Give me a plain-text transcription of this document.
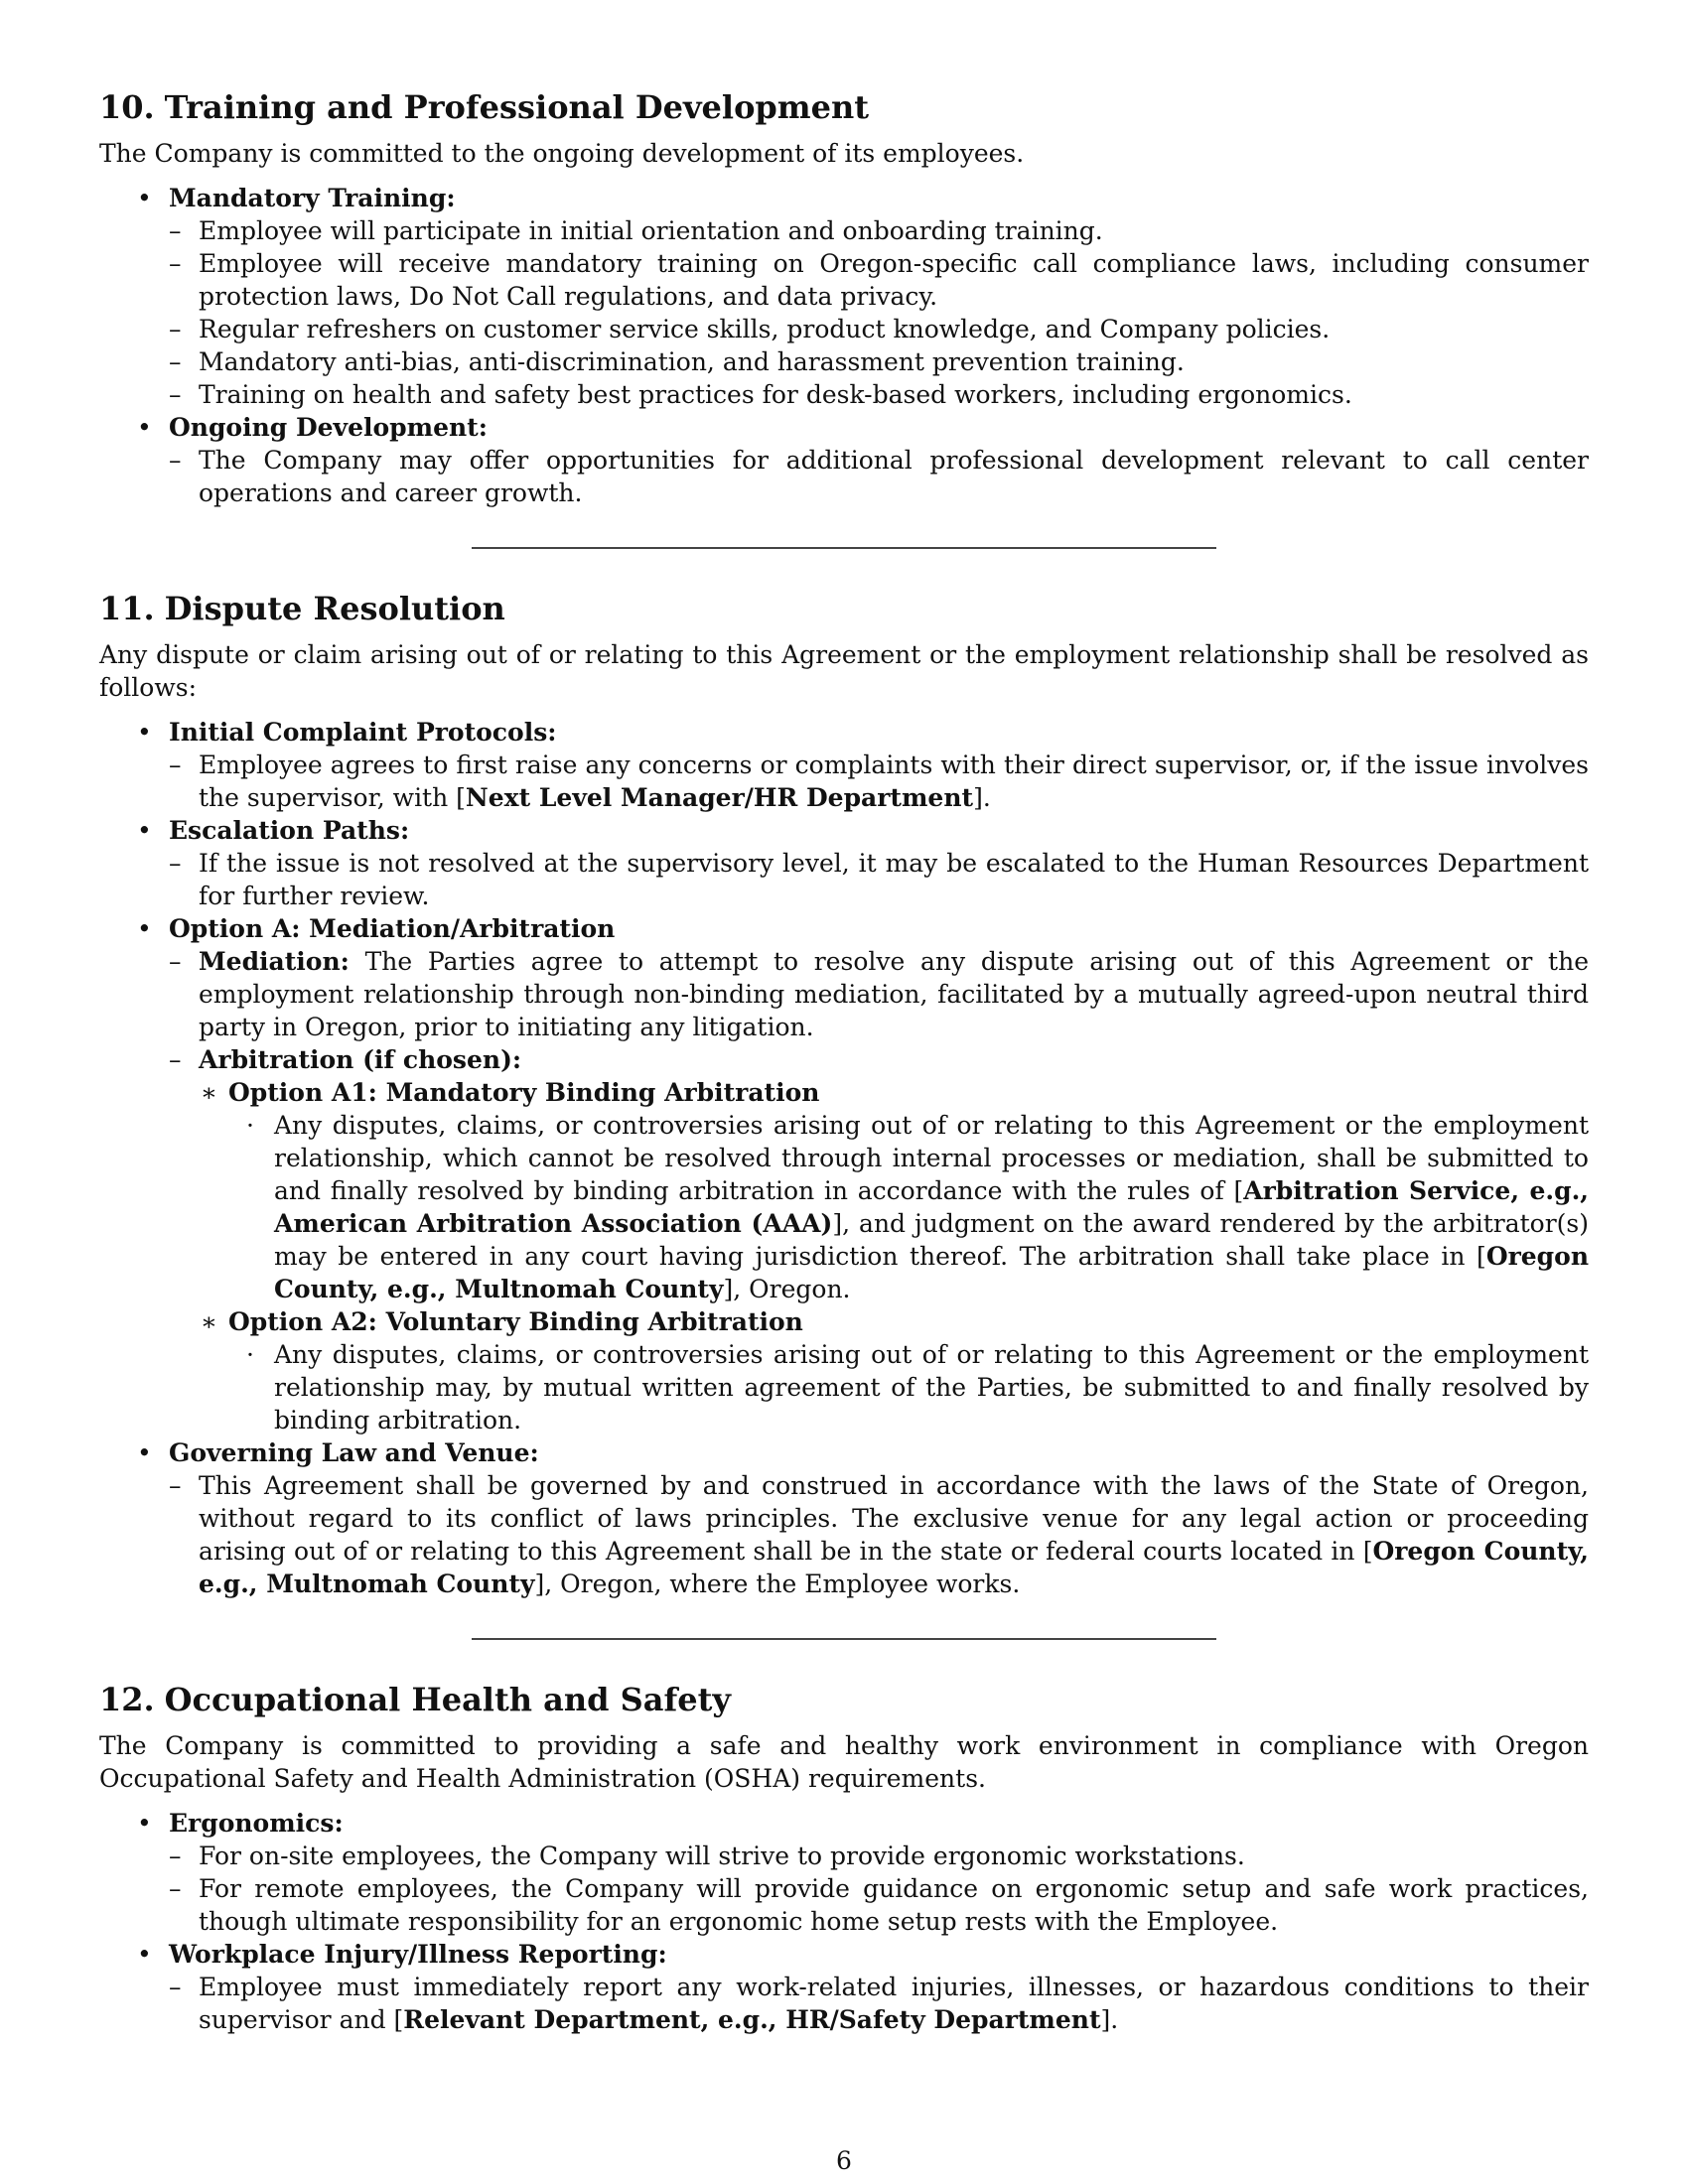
10. Training and Professional Development

The Company is committed to the ongoing development of its employees.

• Mandatory Training:
– Employee will participate in initial orientation and onboarding training.
– Employee will receive mandatory training on Oregon-specific call compliance laws, including consumer protection laws, Do Not Call regulations, and data privacy.
– Regular refreshers on customer service skills, product knowledge, and Company policies.
– Mandatory anti-bias, anti-discrimination, and harassment prevention training.
– Training on health and safety best practices for desk-based workers, including ergonomics.
• Ongoing Development:
– The Company may offer opportunities for additional professional development relevant to call center operations and career growth.
11. Dispute Resolution

Any dispute or claim arising out of or relating to this Agreement or the employment relationship shall be resolved as follows:

• Initial Complaint Protocols:
– Employee agrees to first raise any concerns or complaints with their direct supervisor, or, if the issue involves the supervisor, with [Next Level Manager/HR Department].
• Escalation Paths:
– If the issue is not resolved at the supervisory level, it may be escalated to the Human Resources Department for further review.
• Option A: Mediation/Arbitration
– Mediation: The Parties agree to attempt to resolve any dispute arising out of this Agreement or the employment relationship through non-binding mediation, facilitated by a mutually agreed-upon neutral third party in Oregon, prior to initiating any litigation.
– Arbitration (if chosen):
∗ Option A1: Mandatory Binding Arbitration
· Any disputes, claims, or controversies arising out of or relating to this Agreement or the employment relationship, which cannot be resolved through internal processes or mediation, shall be submitted to and finally resolved by binding arbitration in accordance with the rules of [Arbitration Service, e.g., American Arbitration Association (AAA)], and judgment on the award rendered by the arbitrator(s) may be entered in any court having jurisdiction thereof. The arbitration shall take place in [Oregon County, e.g., Multnomah County], Oregon.
∗ Option A2: Voluntary Binding Arbitration
· Any disputes, claims, or controversies arising out of or relating to this Agreement or the employment relationship may, by mutual written agreement of the Parties, be submitted to and finally resolved by binding arbitration.
• Governing Law and Venue:
– This Agreement shall be governed by and construed in accordance with the laws of the State of Oregon, without regard to its conflict of laws principles. The exclusive venue for any legal action or proceeding arising out of or relating to this Agreement shall be in the state or federal courts located in [Oregon County, e.g., Multnomah County], Oregon, where the Employee works.
12. Occupational Health and Safety

The Company is committed to providing a safe and healthy work environment in compliance with Oregon Occupational Safety and Health Administration (OSHA) requirements.

• Ergonomics:
– For on-site employees, the Company will strive to provide ergonomic workstations.
– For remote employees, the Company will provide guidance on ergonomic setup and safe work practices, though ultimate responsibility for an ergonomic home setup rests with the Employee.
• Workplace Injury/Illness Reporting:
– Employee must immediately report any work-related injuries, illnesses, or hazardous conditions to their supervisor and [Relevant Department, e.g., HR/Safety Department].
6
